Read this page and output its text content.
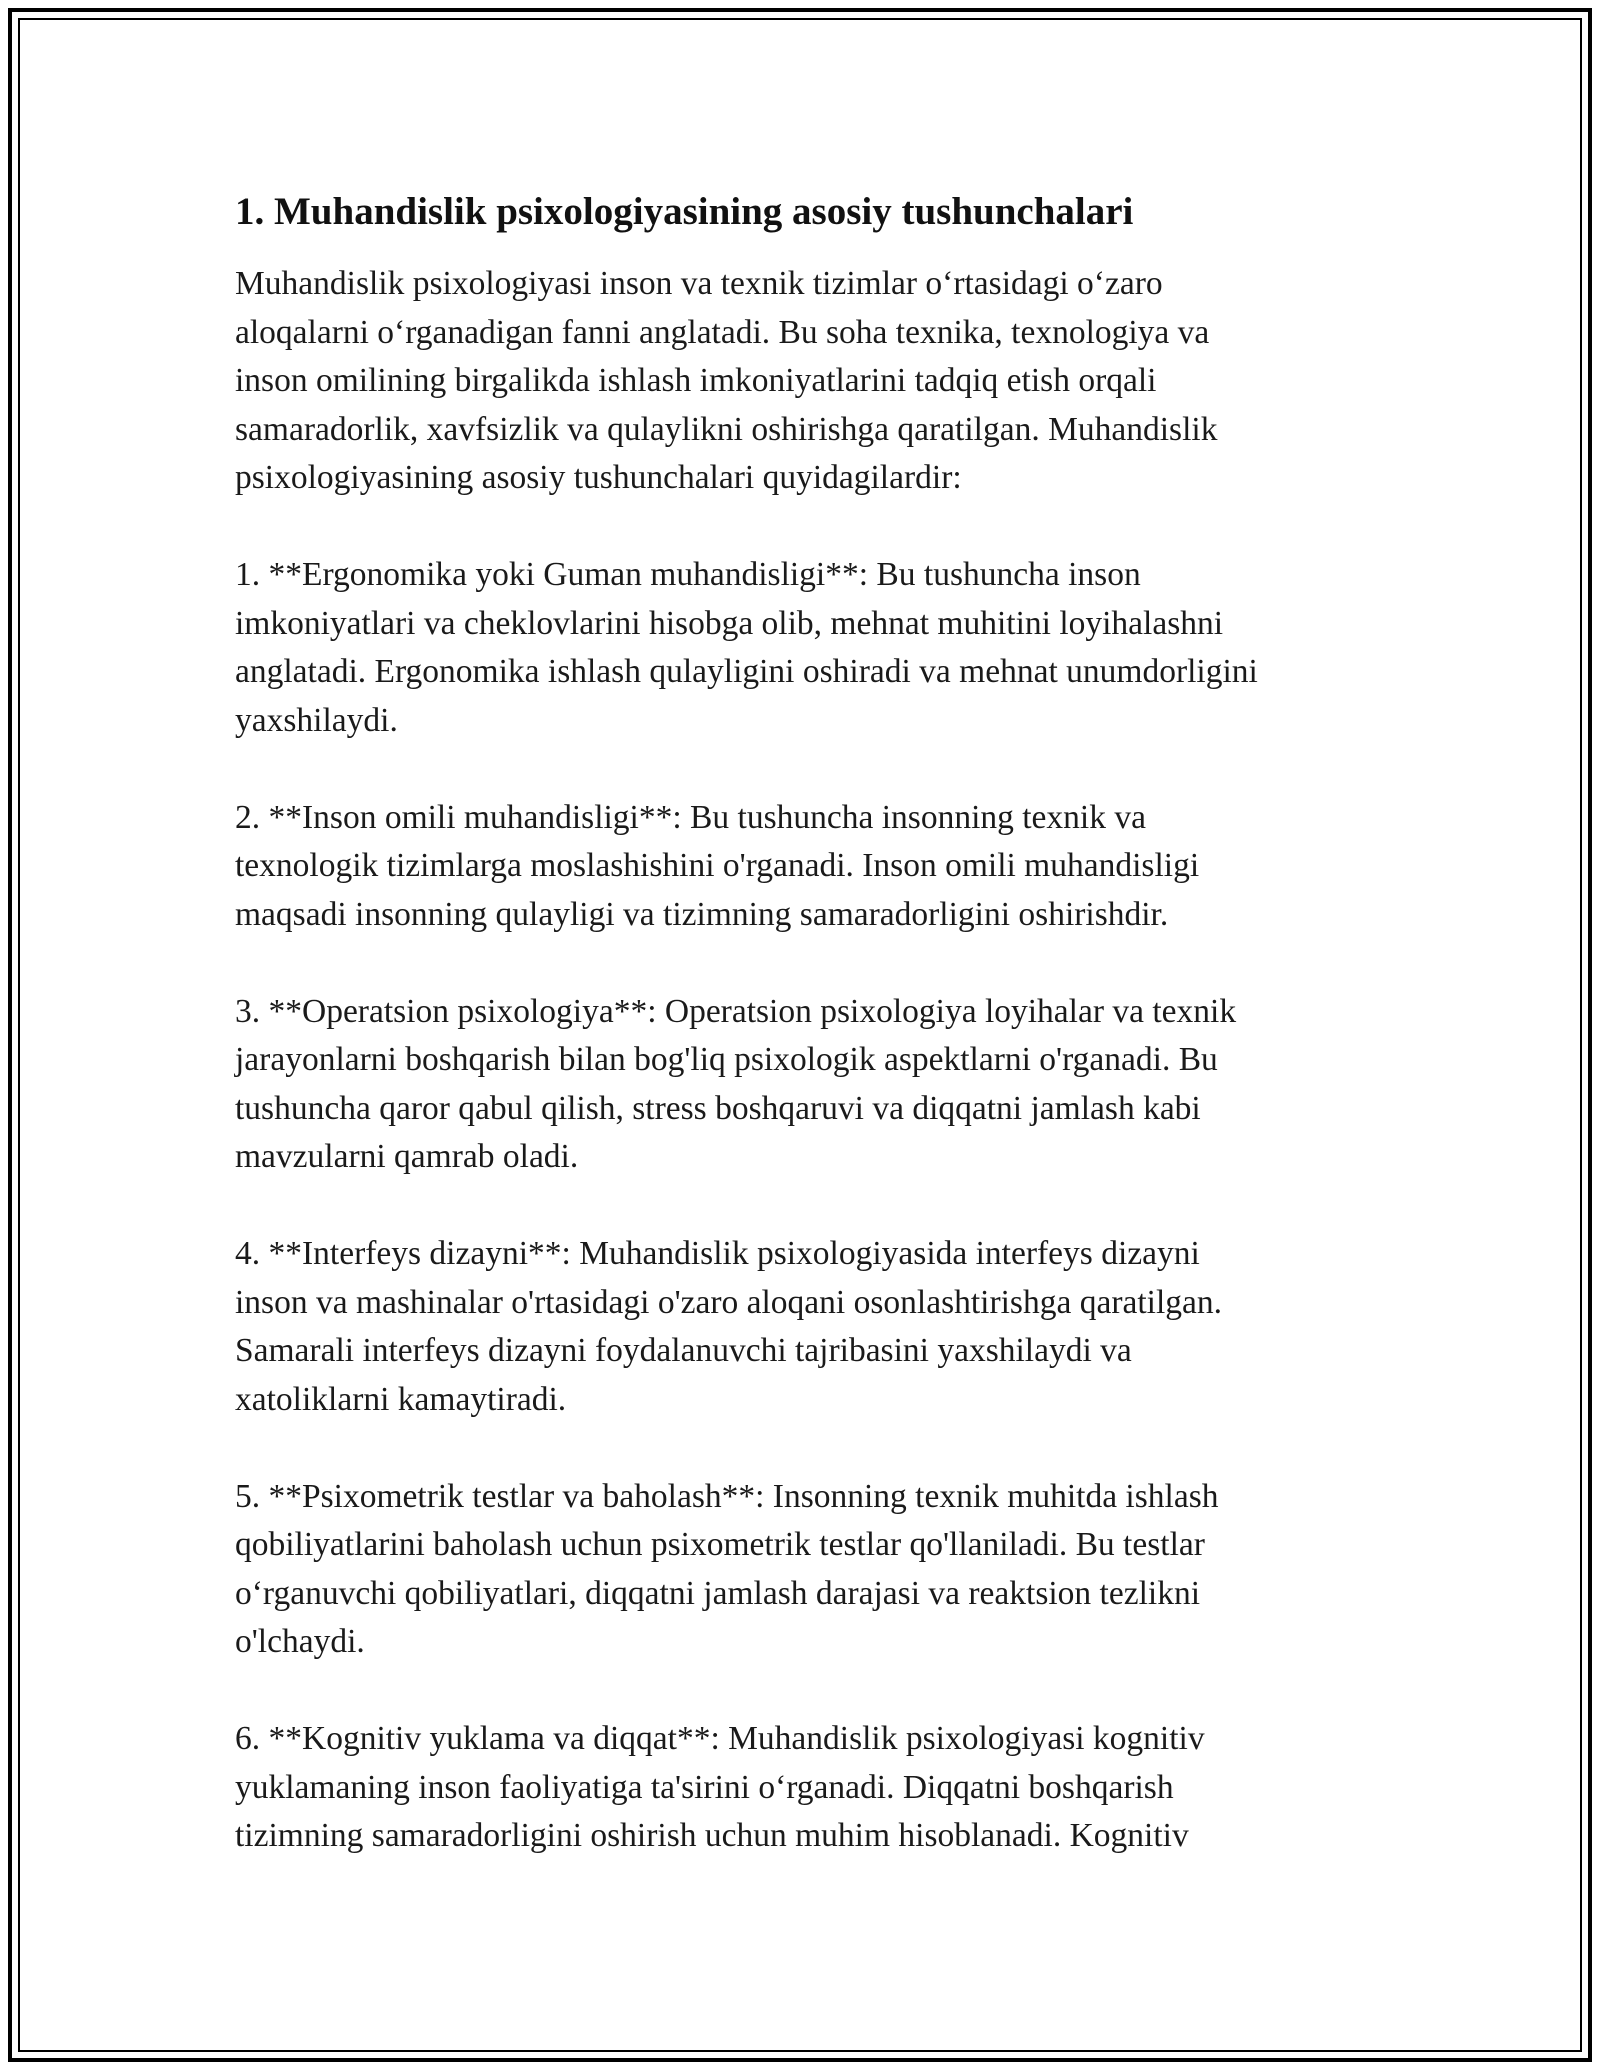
1. Muhandislik psixologiyasining asosiy tushunchalari
Muhandislik psixologiyasi inson va texnik tizimlar o‘rtasidagi o‘zaro
aloqalarni o‘rganadigan fanni anglatadi. Bu soha texnika, texnologiya va
inson omilining birgalikda ishlash imkoniyatlarini tadqiq etish orqali
samaradorlik, xavfsizlik va qulaylikni oshirishga qaratilgan. Muhandislik
psixologiyasining asosiy tushunchalari quyidagilardir:
1. **Ergonomika yoki Guman muhandisligi**: Bu tushuncha inson
imkoniyatlari va cheklovlarini hisobga olib, mehnat muhitini loyihalashni
anglatadi. Ergonomika ishlash qulayligini oshiradi va mehnat unumdorligini
yaxshilaydi.
2. **Inson omili muhandisligi**: Bu tushuncha insonning texnik va
texnologik tizimlarga moslashishini o'rganadi. Inson omili muhandisligi
maqsadi insonning qulayligi va tizimning samaradorligini oshirishdir.
3. **Operatsion psixologiya**: Operatsion psixologiya loyihalar va texnik
jarayonlarni boshqarish bilan bog'liq psixologik aspektlarni o'rganadi. Bu
tushuncha qaror qabul qilish, stress boshqaruvi va diqqatni jamlash kabi
mavzularni qamrab oladi.
4. **Interfeys dizayni**: Muhandislik psixologiyasida interfeys dizayni
inson va mashinalar o'rtasidagi o'zaro aloqani osonlashtirishga qaratilgan.
Samarali interfeys dizayni foydalanuvchi tajribasini yaxshilaydi va
xatoliklarni kamaytiradi.
5. **Psixometrik testlar va baholash**: Insonning texnik muhitda ishlash
qobiliyatlarini baholash uchun psixometrik testlar qo'llaniladi. Bu testlar
o‘rganuvchi qobiliyatlari, diqqatni jamlash darajasi va reaktsion tezlikni
o'lchaydi.
6. **Kognitiv yuklama va diqqat**: Muhandislik psixologiyasi kognitiv
yuklamaning inson faoliyatiga ta'sirini o‘rganadi. Diqqatni boshqarish
tizimning samaradorligini oshirish uchun muhim hisoblanadi. Kognitiv
